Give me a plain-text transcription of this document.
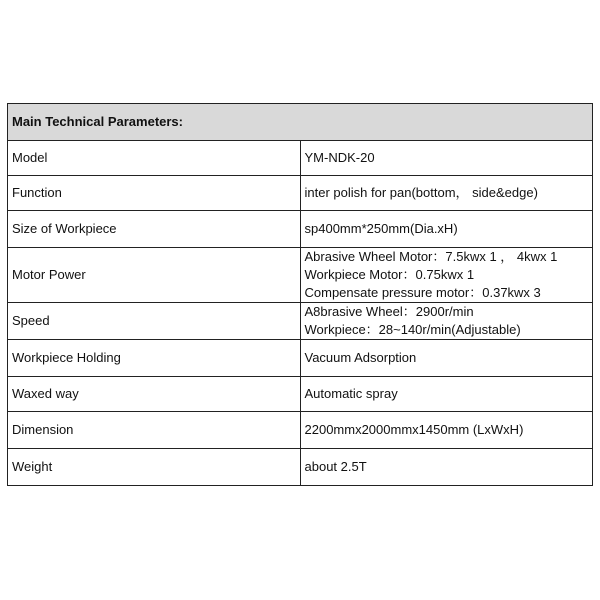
Main Technical Parameters:	
Model	YM-NDK-20

Function	inter polish for pan(bottom， side&edge)

Size of Workpiece	sp400mm*250mm(Dia.xH)

Motor Power	Abrasive Wheel Motor：7.5kwx 1 ， 4kwx 1
Workpiece Motor：0.75kwx 1
Compensate pressure motor：0.37kwx 3

Speed	A8brasive Wheel：2900r/min
Workpiece：28~140r/min(Adjustable)

Workpiece Holding	Vacuum Adsorption

Waxed way	Automatic spray

Dimension	2200mmx2000mmx1450mm (LxWxH)

Weight	about 2.5T
